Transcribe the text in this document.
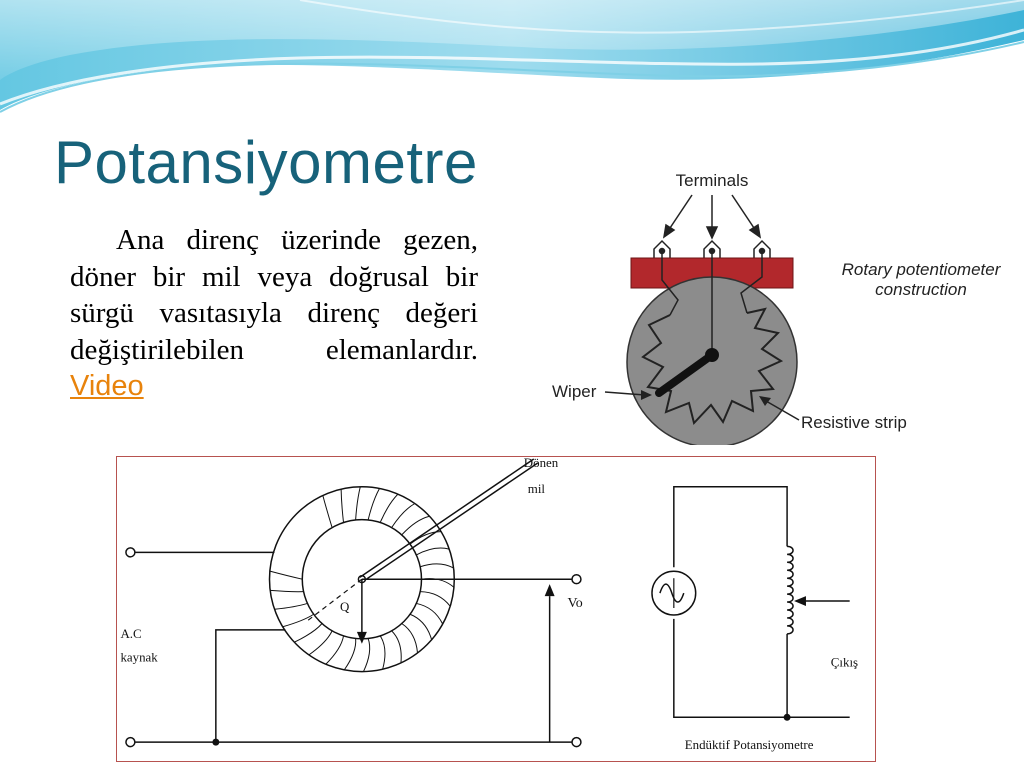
Potansiyometre

Ana direnç üzerinde gezen, döner bir mil veya doğrusal bir sürgü vasıtasıyla direnç değeri değiştirilebilen elemanlardır. Video

Terminals
Wiper
Resistive strip
Rotary potentiometer
construction
Dönen
mil
Q	Vo
A.C
kaynak	Çıkış
Endüktif Potansiyometre
